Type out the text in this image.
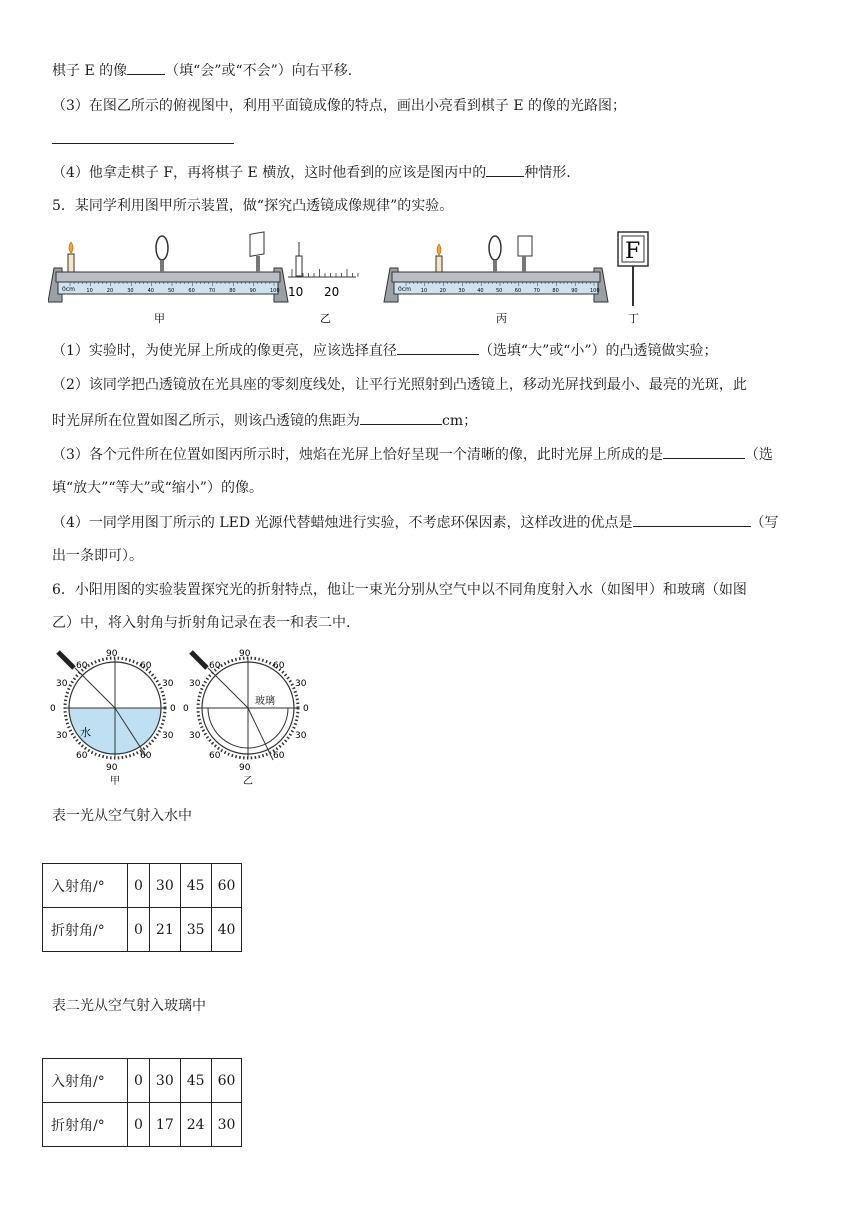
棋子 E 的像	（填“会”或“不会”）向右平移.
（3）在图乙所示的俯视图中，利用平面镜成像的特点，画出小亮看到棋子 E 的像的光路图；
（4）他拿走棋子 F，再将棋子 E 横放，这时他看到的应该是图丙中的	种情形.
5．某同学利用图甲所示装置，做“探究凸透镜成像规律”的实验。
0cm 10	20	30	40	50	60	70	80	90	100
甲
10 20
乙
0cm 10 20 30 40 50 60 70 80 90 100
丙
F
丁
（1）实验时，为使光屏上所成的像更亮，应该选择直径	（选填“大”或“小”）的凸透镜做实验；
（2）该同学把凸透镜放在光具座的零刻度线处，让平行光照射到凸透镜上，移动光屏找到最小、最亮的光斑，此
时光屏所在位置如图乙所示，则该凸透镜的焦距为	cm；
（3）各个元件所在位置如图丙所示时，烛焰在光屏上恰好呈现一个清晰的像，此时光屏上所成的是	（选
填“放大”“等大”或“缩小”）的像。
（4）一同学用图丁所示的 LED 光源代替蜡烛进行实验，不考虑环保因素，这样改进的优点是	（写
出一条即可）。
6．小阳用图的实验装置探究光的折射特点，他让一束光分别从空气中以不同角度射入水（如图甲）和玻璃（如图
乙）中，将入射角与折射角记录在表一和表二中.
水
90
60	60
30	30
0	0
30	30
60	60
90
甲
玻璃
90
60	60
30	30
0	0
30	30
60	60
90
乙
表一光从空气射入水中
入射角/°	0	30	45	60
折射角/°	0	21	35	40
表二光从空气射入玻璃中
入射角/°	0	30	45	60
折射角/°	0	17	24	30
